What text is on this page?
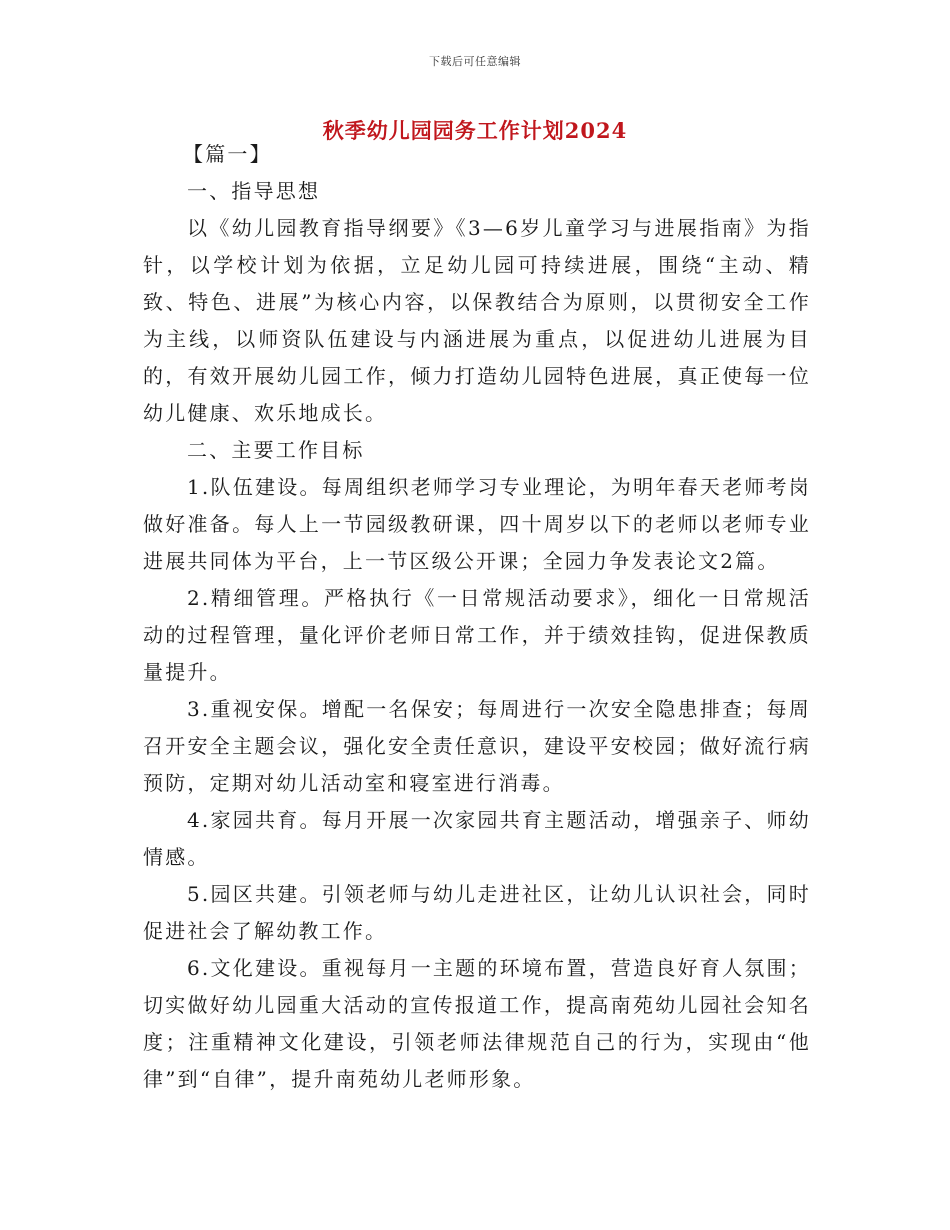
下载后可任意编辑
秋季幼儿园园务工作计划2024

【篇一】

一、指导思想

以《幼儿园教育指导纲要》《3—6岁儿童学习与进展指南》为指针，以学校计划为依据，立足幼儿园可持续进展，围绕“主动、精致、特色、进展”为核心内容，以保教结合为原则，以贯彻安全工作为主线，以师资队伍建设与内涵进展为重点，以促进幼儿进展为目的，有效开展幼儿园工作，倾力打造幼儿园特色进展，真正使每一位幼儿健康、欢乐地成长。

二、主要工作目标

1.队伍建设。每周组织老师学习专业理论，为明年春天老师考岗做好准备。每人上一节园级教研课，四十周岁以下的老师以老师专业进展共同体为平台，上一节区级公开课；全园力争发表论文2篇。

2.精细管理。严格执行《一日常规活动要求》，细化一日常规活动的过程管理，量化评价老师日常工作，并于绩效挂钩，促进保教质量提升。

3.重视安保。增配一名保安；每周进行一次安全隐患排查；每周召开安全主题会议，强化安全责任意识，建设平安校园；做好流行病预防，定期对幼儿活动室和寝室进行消毒。

4.家园共育。每月开展一次家园共育主题活动，增强亲子、师幼情感。

5.园区共建。引领老师与幼儿走进社区，让幼儿认识社会，同时促进社会了解幼教工作。

6.文化建设。重视每月一主题的环境布置，营造良好育人氛围；切实做好幼儿园重大活动的宣传报道工作，提高南苑幼儿园社会知名度；注重精神文化建设，引领老师法律规范自己的行为，实现由“他律”到“自律”，提升南苑幼儿老师形象。
